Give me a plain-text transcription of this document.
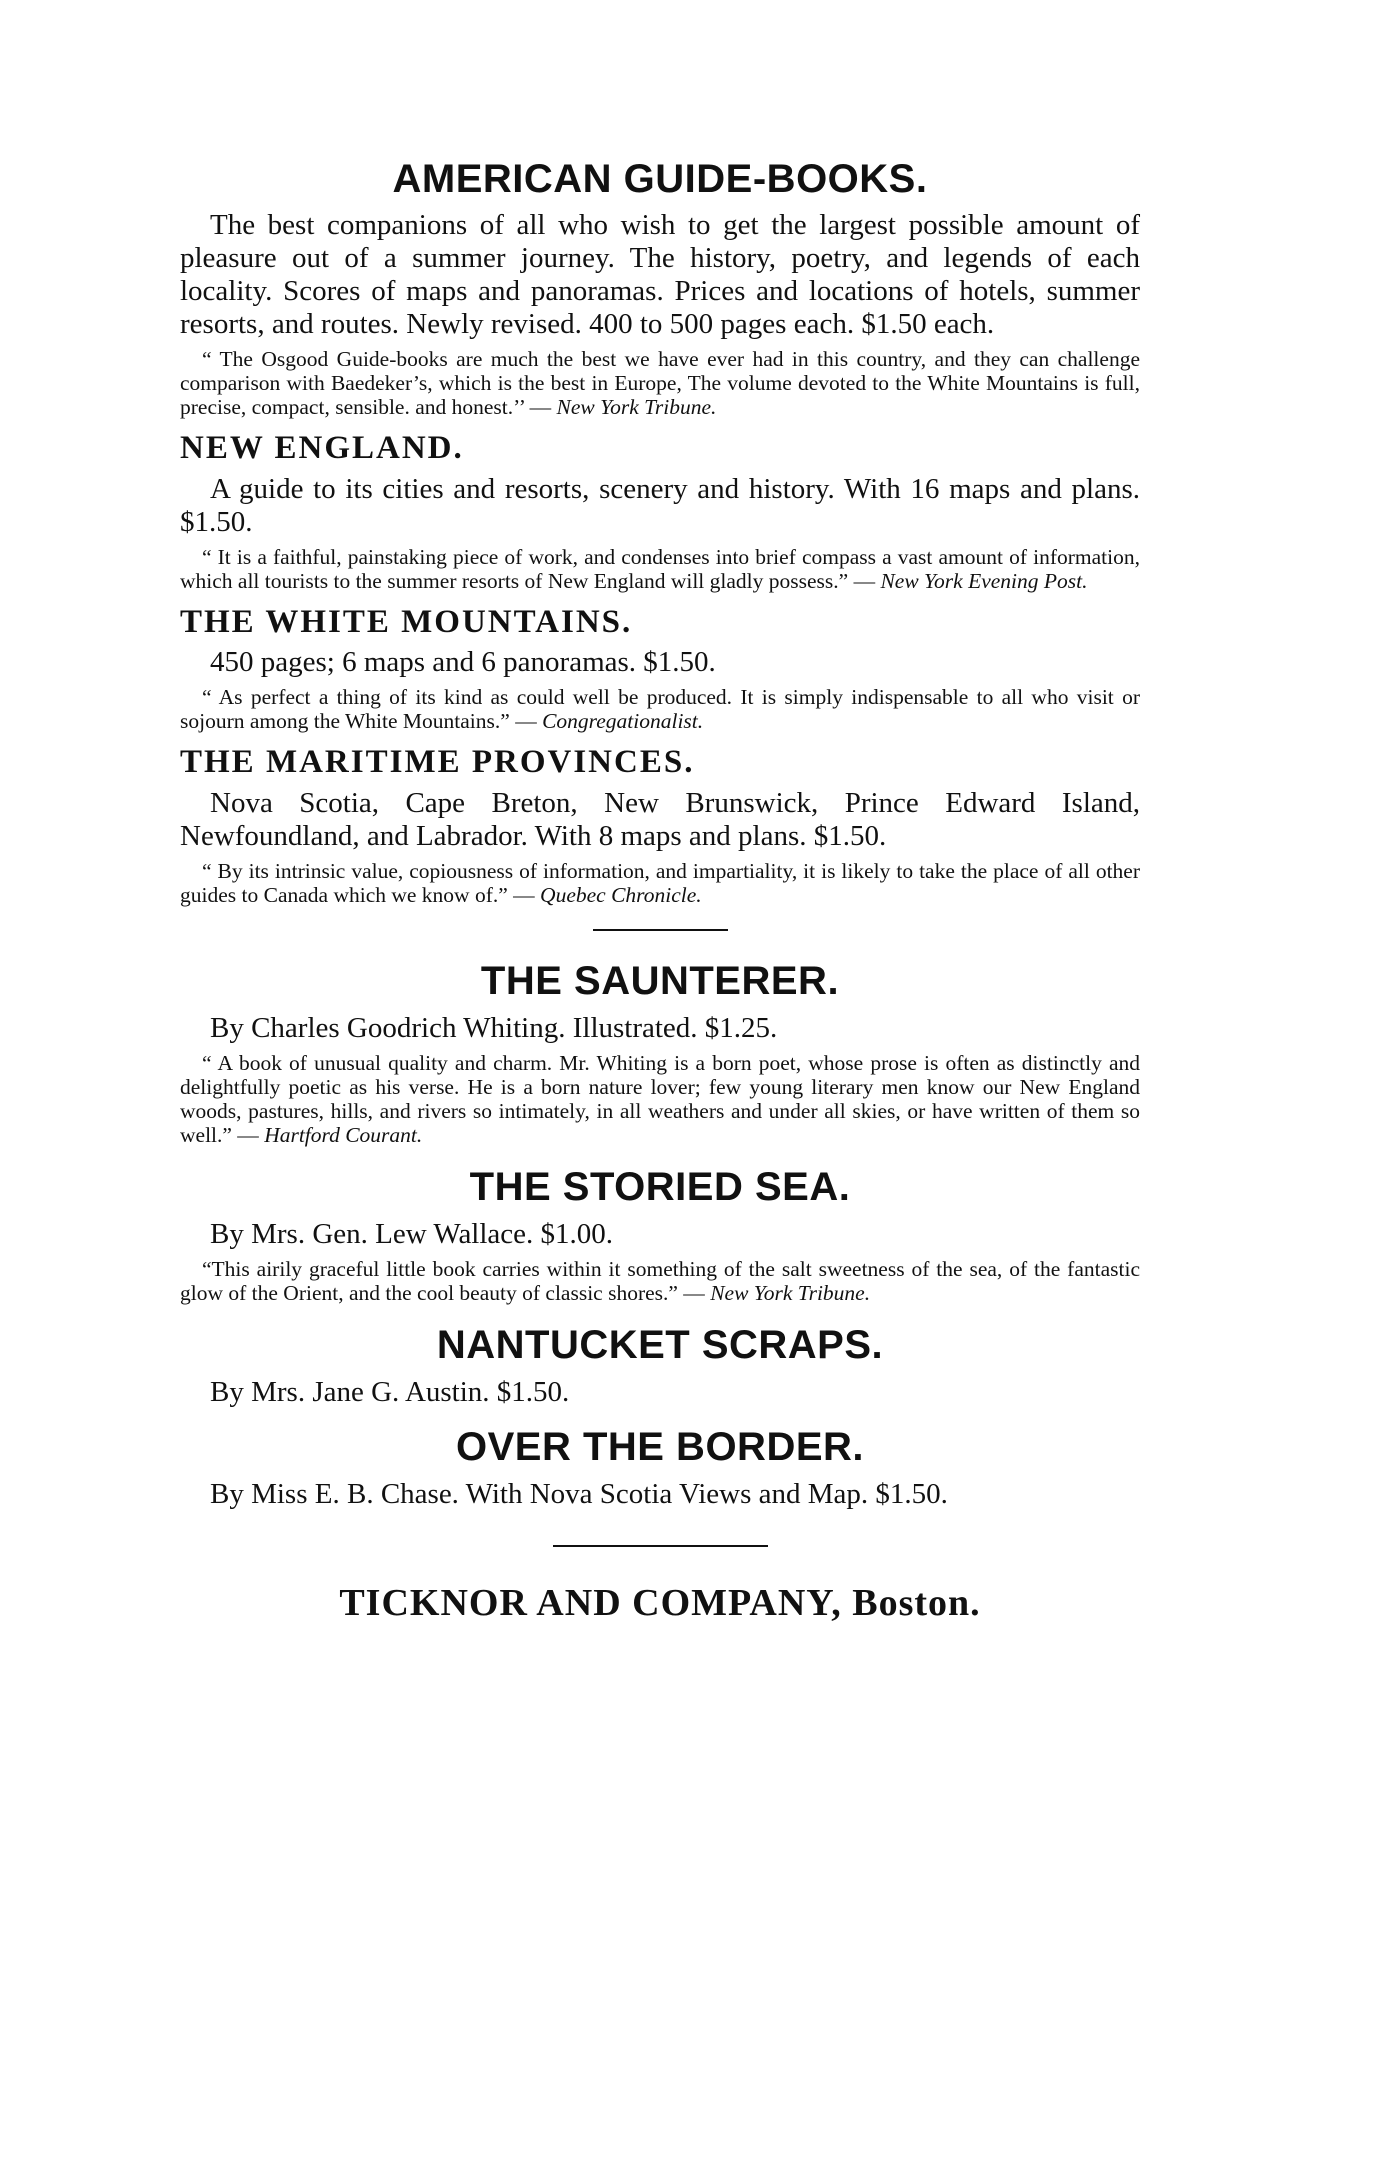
AMERICAN GUIDE-BOOKS.

The best companions of all who wish to get the largest possible amount of pleasure out of a summer journey. The history, poetry, and legends of each locality. Scores of maps and panoramas. Prices and locations of hotels, summer resorts, and routes. Newly revised. 400 to 500 pages each. $1.50 each.

“ The Osgood Guide-books are much the best we have ever had in this country, and they can challenge comparison with Baedeker’s, which is the best in Europe, The volume devoted to the White Mountains is full, precise, compact, sensible. and honest.’’ — New York Tribune.

NEW ENGLAND.

A guide to its cities and resorts, scenery and history. With 16 maps and plans. $1.50.

“ It is a faithful, painstaking piece of work, and condenses into brief compass a vast amount of information, which all tourists to the summer resorts of New England will gladly possess.” — New York Evening Post.

THE WHITE MOUNTAINS.

450 pages; 6 maps and 6 panoramas. $1.50.

“ As perfect a thing of its kind as could well be produced. It is simply indispensable to all who visit or sojourn among the White Mountains.” — Congregationalist.

THE MARITIME PROVINCES.

Nova Scotia, Cape Breton, New Brunswick, Prince Edward Island, Newfoundland, and Labrador. With 8 maps and plans. $1.50.

“ By its intrinsic value, copiousness of information, and impartiality, it is likely to take the place of all other guides to Canada which we know of.” — Quebec Chronicle.

THE SAUNTERER.

By Charles Goodrich Whiting. Illustrated. $1.25.

“ A book of unusual quality and charm. Mr. Whiting is a born poet, whose prose is often as distinctly and delightfully poetic as his verse. He is a born nature lover; few young literary men know our New England woods, pastures, hills, and rivers so intimately, in all weathers and under all skies, or have written of them so well.” — Hartford Courant.

THE STORIED SEA.

By Mrs. Gen. Lew Wallace. $1.00.

“This airily graceful little book carries within it something of the salt sweetness of the sea, of the fantastic glow of the Orient, and the cool beauty of classic shores.” — New York Tribune.

NANTUCKET SCRAPS.

By Mrs. Jane G. Austin. $1.50.

OVER THE BORDER.

By Miss E. B. Chase. With Nova Scotia Views and Map. $1.50.

TICKNOR AND COMPANY, Boston.
